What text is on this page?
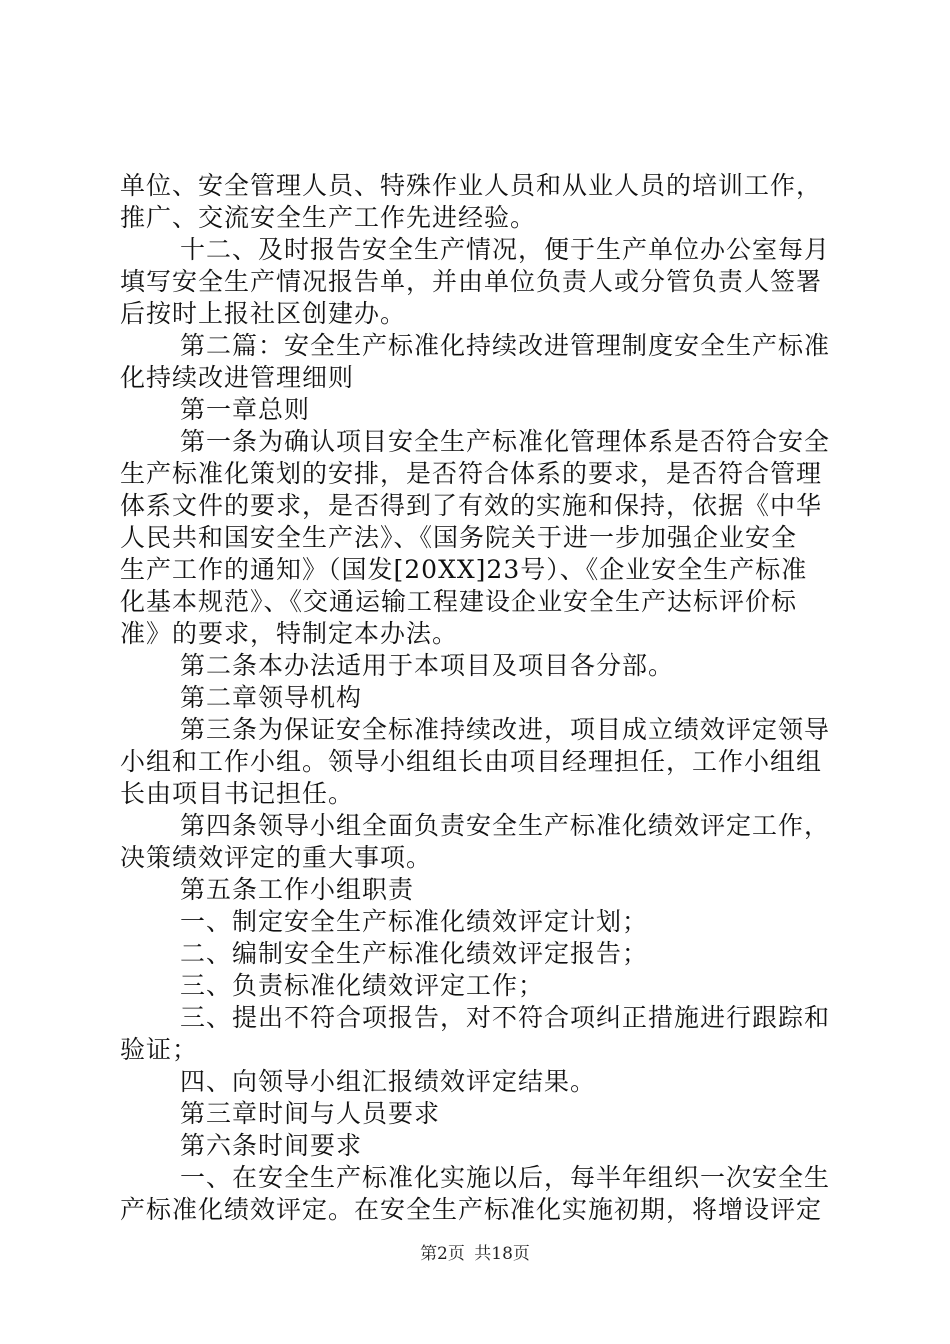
单位、安全管理人员、特殊作业人员和从业人员的培训工作，
推广、交流安全生产工作先进经验。
十二、及时报告安全生产情况，便于生产单位办公室每月
填写安全生产情况报告单，并由单位负责人或分管负责人签署
后按时上报社区创建办。
第二篇：安全生产标准化持续改进管理制度安全生产标准
化持续改进管理细则
第一章总则
第一条为确认项目安全生产标准化管理体系是否符合安全
生产标准化策划的安排，是否符合体系的要求，是否符合管理
体系文件的要求，是否得到了有效的实施和保持，依据《中华
人民共和国安全生产法》、《国务院关于进一步加强企业安全
生产工作的通知》（国发[20XX]23号）、《企业安全生产标准
化基本规范》、《交通运输工程建设企业安全生产达标评价标
准》的要求，特制定本办法。
第二条本办法适用于本项目及项目各分部。
第二章领导机构
第三条为保证安全标准持续改进，项目成立绩效评定领导
小组和工作小组。领导小组组长由项目经理担任，工作小组组
长由项目书记担任。
第四条领导小组全面负责安全生产标准化绩效评定工作，
决策绩效评定的重大事项。
第五条工作小组职责
一、制定安全生产标准化绩效评定计划；
二、编制安全生产标准化绩效评定报告；
三、负责标准化绩效评定工作；
三、提出不符合项报告，对不符合项纠正措施进行跟踪和
验证；
四、向领导小组汇报绩效评定结果。
第三章时间与人员要求
第六条时间要求
一、在安全生产标准化实施以后，每半年组织一次安全生
产标准化绩效评定。在安全生产标准化实施初期，将增设评定
第2页 共18页
